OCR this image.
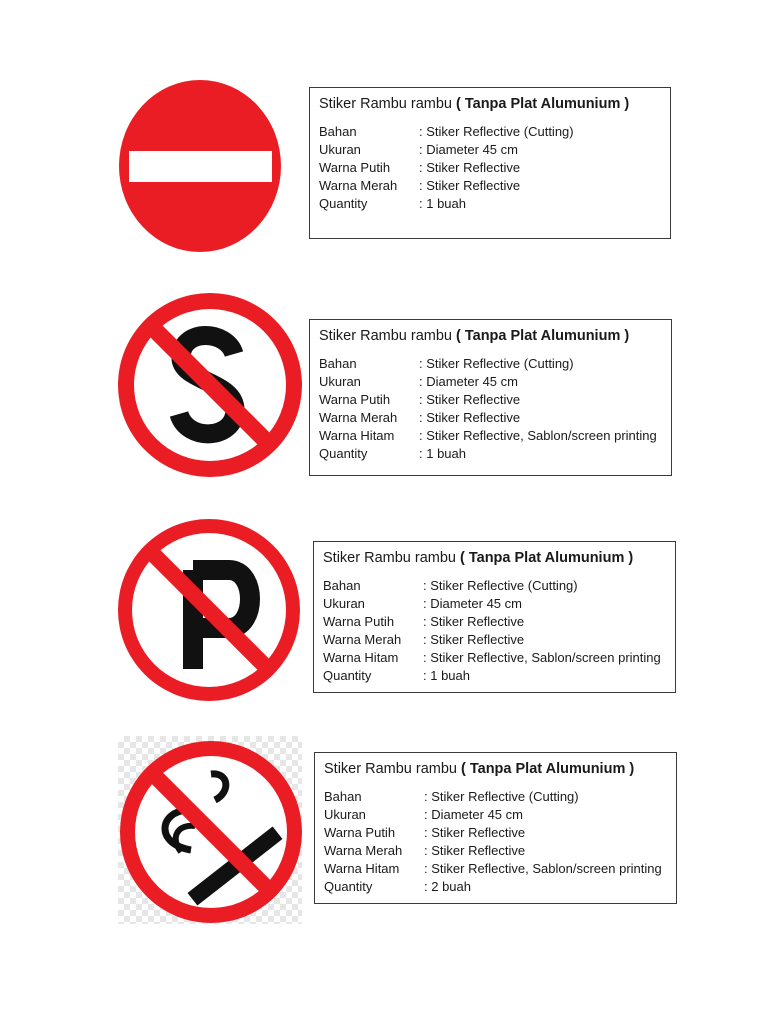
Stiker Rambu rambu ( Tanpa Plat Alumunium )
Bahan	: Stiker Reflective (Cutting)
Ukuran	: Diameter 45 cm
Warna Putih	: Stiker Reflective
Warna Merah	: Stiker Reflective
Quantity	: 1 buah
Stiker Rambu rambu ( Tanpa Plat Alumunium )
Bahan	: Stiker Reflective (Cutting)
Ukuran	: Diameter 45 cm
Warna Putih	: Stiker Reflective
Warna Merah	: Stiker Reflective
Warna Hitam	: Stiker Reflective, Sablon/screen printing
Quantity	: 1 buah
Stiker Rambu rambu ( Tanpa Plat Alumunium )
Bahan	: Stiker Reflective (Cutting)
Ukuran	: Diameter 45 cm
Warna Putih	: Stiker Reflective
Warna Merah	: Stiker Reflective
Warna Hitam	: Stiker Reflective, Sablon/screen printing
Quantity	: 1 buah
Stiker Rambu rambu ( Tanpa Plat Alumunium )
Bahan	: Stiker Reflective (Cutting)
Ukuran	: Diameter 45 cm
Warna Putih	: Stiker Reflective
Warna Merah	: Stiker Reflective
Warna Hitam	: Stiker Reflective, Sablon/screen printing
Quantity	: 2 buah
